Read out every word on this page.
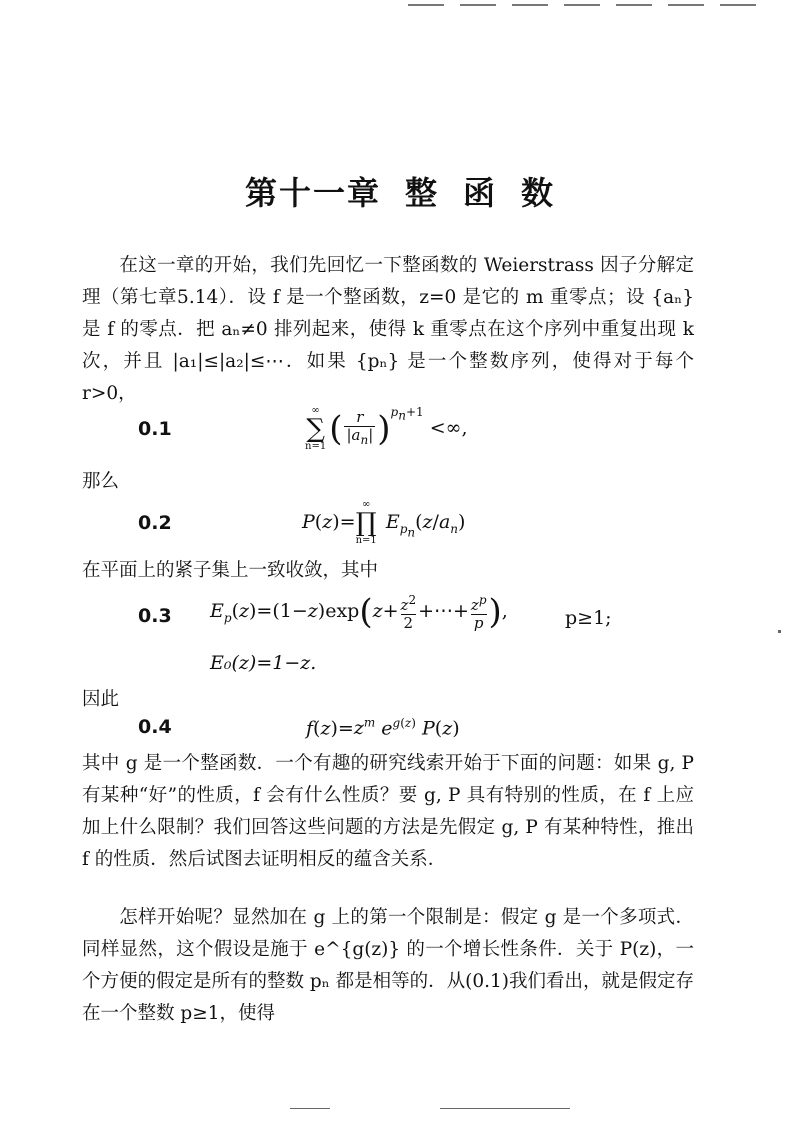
第十一章 整 函 数
在这一章的开始，我们先回忆一下整函数的 Weierstrass 因子分解定理（第七章5.14）．设 f 是一个整函数，z=0 是它的 m 重零点；设 {aₙ} 是 f 的零点．把 aₙ≠0 排列起来，使得 k 重零点在这个序列中重复出现 k 次，并且 |a₁|≤|a₂|≤⋯．如果 {pₙ} 是一个整数序列，使得对于每个 r>0，
0.1
∞
∑
n=1 ( $\frac{r}{|a_n|} )^{p_n+1}$ <∞,
那么
0.2	P(z)=
∞
∏
n=1
$E_{p_n}(z/a_n)$
在平面上的紧子集上一致收敛，其中
0.3 $E_p(z)=(1-z)\exp(z+ \frac{z^2}{2}$ +⋯+ $\frac{z^p}{p}$ ),	p≥1;
E₀(z)=1−z.
因此
0.4	$f(z)=z^m$ $e^{g(z)}$ P(z)
其中 g 是一个整函数．一个有趣的研究线索开始于下面的问题：如果 g, P 有某种“好”的性质，f 会有什么性质？要 g, P 具有特别的性质，在 f 上应加上什么限制？我们回答这些问题的方法是先假定 g, P 有某种特性，推出 f 的性质．然后试图去证明相反的蕴含关系．
怎样开始呢？显然加在 g 上的第一个限制是：假定 g 是一个多项式．同样显然，这个假设是施于 e^{g(z)} 的一个增长性条件．关于 P(z)，一个方便的假定是所有的整数 pₙ 都是相等的．从(0.1)我们看出，就是假定存在一个整数 p≥1，使得
